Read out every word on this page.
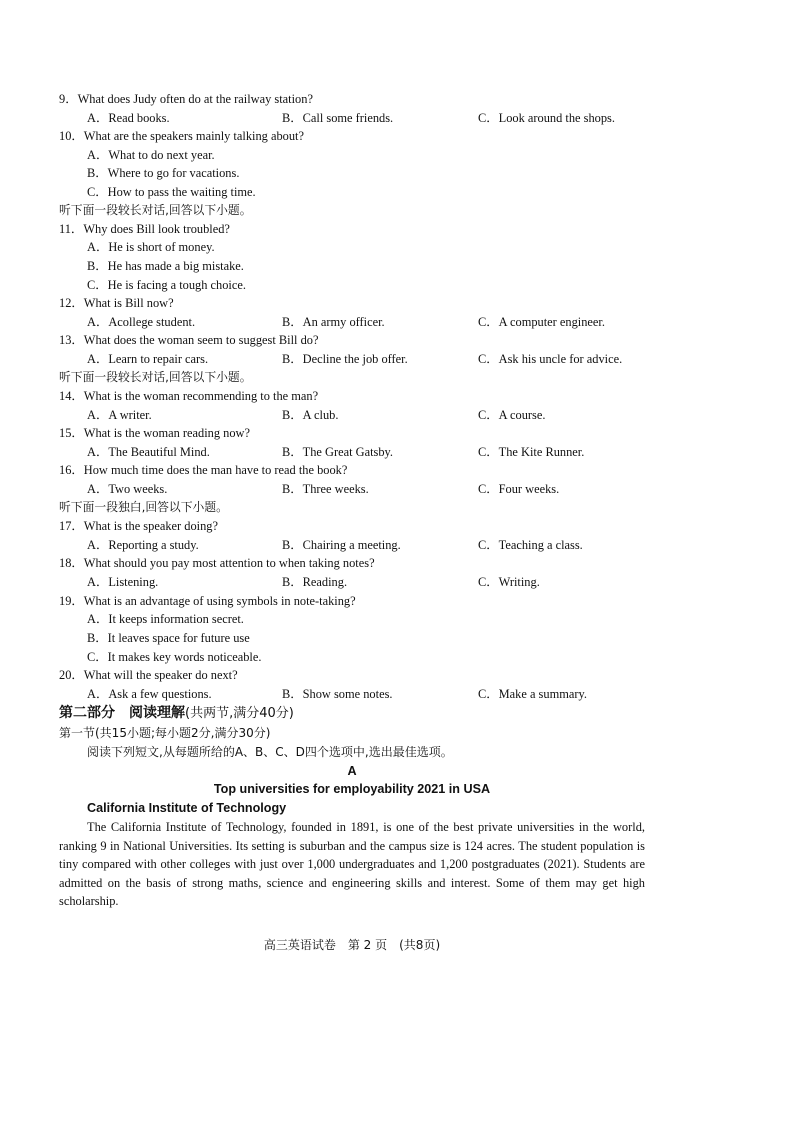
9．What does Judy often do at the railway station?
A．Read books.	B．Call some friends.	C．Look around the shops.
10．What are the speakers mainly talking about?
A．What to do next year.
B．Where to go for vacations.
C．How to pass the waiting time.
听下面一段较长对话,回答以下小题。
11．Why does Bill look troubled?
A．He is short of money.
B．He has made a big mistake.
C．He is facing a tough choice.
12．What is Bill now?
A．Acollege student.	B．An army officer.	C．A computer engineer.
13．What does the woman seem to suggest Bill do?
A．Learn to repair cars.	B．Decline the job offer.	C．Ask his uncle for advice.
听下面一段较长对话,回答以下小题。
14．What is the woman recommending to the man?
A．A writer.	B．A club.	C．A course.
15．What is the woman reading now?
A．The Beautiful Mind.	B．The Great Gatsby.	C．The Kite Runner.
16．How much time does the man have to read the book?
A．Two weeks.	B．Three weeks.	C．Four weeks.
听下面一段独白,回答以下小题。
17．What is the speaker doing?
A．Reporting a study.	B．Chairing a meeting.	C．Teaching a class.
18．What should you pay most attention to when taking notes?
A．Listening.	B．Reading.	C．Writing.
19．What is an advantage of using symbols in note-taking?
A．It keeps information secret.
B．It leaves space for future use
C．It makes key words noticeable.
20．What will the speaker do next?
A．Ask a few questions.	B．Show some notes.	C．Make a summary.
第二部分　阅读理解(共两节,满分40分)
第一节(共15小题;每小题2分,满分30分)
阅读下列短文,从每题所给的A、B、C、D四个选项中,选出最佳选项。
A
Top universities for employability 2021 in USA
California Institute of Technology
The California Institute of Technology, founded in 1891, is one of the best private universities in the world, ranking 9 in National Universities. Its setting is suburban and the campus size is 124 acres. The student population is tiny compared with other colleges with just over 1,000 undergraduates and 1,200 postgraduates (2021). Students are admitted on the basis of strong maths, science and engineering skills and interest. Some of them may get high scholarship.
高三英语试卷　第 2 页　(共8页)
